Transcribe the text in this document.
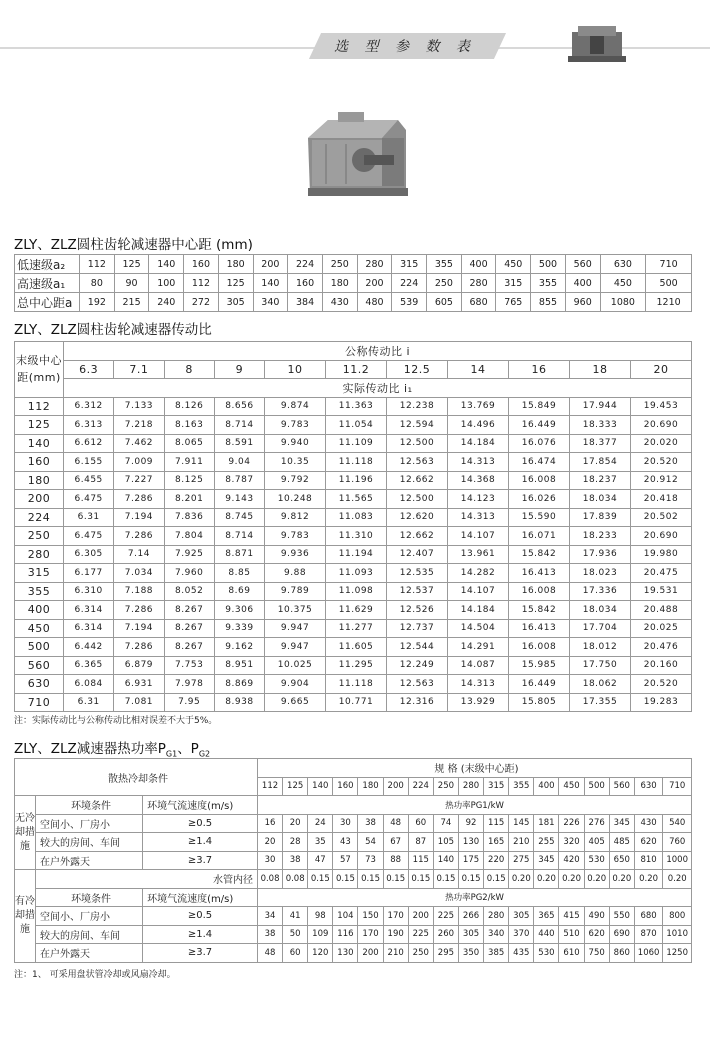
选 型 参 数 表
ZLY、ZLZ圆柱齿轮减速器中心距 (mm)
低速级a₂	112	125	140	160	180	200	224	250	280	315	355	400	450	500	560	630	710
高速级a₁	80	90	100	112	125	140	160	180	200	224	250	280	315	355	400	450	500
总中心距a	192	215	240	272	305	340	384	430	480	539	605	680	765	855	960	1080	1210
ZLY、ZLZ圆柱齿轮减速器传动比
末级中心距(mm)	公称传动比 i										
	6.3	7.1	8	9	10	11.2	12.5	14	16	18	20
	实际传动比 i₁										
112	6.312	7.133	8.126	8.656	9.874	11.363	12.238	13.769	15.849	17.944	19.453
125	6.313	7.218	8.163	8.714	9.783	11.054	12.594	14.496	16.449	18.333	20.690
140	6.612	7.462	8.065	8.591	9.940	11.109	12.500	14.184	16.076	18.377	20.020
160	6.155	7.009	7.911	9.04	10.35	11.118	12.563	14.313	16.474	17.854	20.520
180	6.455	7.227	8.125	8.787	9.792	11.196	12.662	14.368	16.008	18.237	20.912
200	6.475	7.286	8.201	9.143	10.248	11.565	12.500	14.123	16.026	18.034	20.418
224	6.31	7.194	7.836	8.745	9.812	11.083	12.620	14.313	15.590	17.839	20.502
250	6.475	7.286	7.804	8.714	9.783	11.310	12.662	14.107	16.071	18.233	20.690
280	6.305	7.14	7.925	8.871	9.936	11.194	12.407	13.961	15.842	17.936	19.980
315	6.177	7.034	7.960	8.85	9.88	11.093	12.535	14.282	16.413	18.023	20.475
355	6.310	7.188	8.052	8.69	9.789	11.098	12.537	14.107	16.008	17.336	19.531
400	6.314	7.286	8.267	9.306	10.375	11.629	12.526	14.184	15.842	18.034	20.488
450	6.314	7.194	8.267	9.339	9.947	11.277	12.737	14.504	16.413	17.704	20.025
500	6.442	7.286	8.267	9.162	9.947	11.605	12.544	14.291	16.008	18.012	20.476
560	6.365	6.879	7.753	8.951	10.025	11.295	12.249	14.087	15.985	17.750	20.160
630	6.084	6.931	7.978	8.869	9.904	11.118	12.563	14.313	16.449	18.062	20.520
710	6.31	7.081	7.95	8.938	9.665	10.771	12.316	13.929	15.805	17.355	19.283
注：实际传动比与公称传动比相对误差不大于5%。
ZLY、ZLZ减速器热功率$P_{G1}$、$P_{G2}$
散热冷却条件			规 格 (末级中心距)																
			112	125	140	160	180	200	224	250	280	315	355	400	450	500	560	630	710
无冷却措施	环境条件	环境气流速度(m/s)	热功率PG1/kW																
	空间小、厂房小	≥0.5	16	20	24	30	38	48	60	74	92	115	145	181	226	276	345	430	540
	较大的房间、车间	≥1.4	20	28	35	43	54	67	87	105	130	165	210	255	320	405	485	620	760
	在户外露天	≥3.7	30	38	47	57	73	88	115	140	175	220	275	345	420	530	650	810	1000
有冷却措施	水管内径		0.08	0.08	0.15	0.15	0.15	0.15	0.15	0.15	0.15	0.15	0.20	0.20	0.20	0.20	0.20	0.20	0.20
	环境条件	环境气流速度(m/s)	热功率PG2/kW																
	空间小、厂房小	≥0.5	34	41	98	104	150	170	200	225	266	280	305	365	415	490	550	680	800
	较大的房间、车间	≥1.4	38	50	109	116	170	190	225	260	305	340	370	440	510	620	690	870	1010
	在户外露天	≥3.7	48	60	120	130	200	210	250	295	350	385	435	530	610	750	860	1060	1250
注：1、 可采用盘状管冷却或风扇冷却。
